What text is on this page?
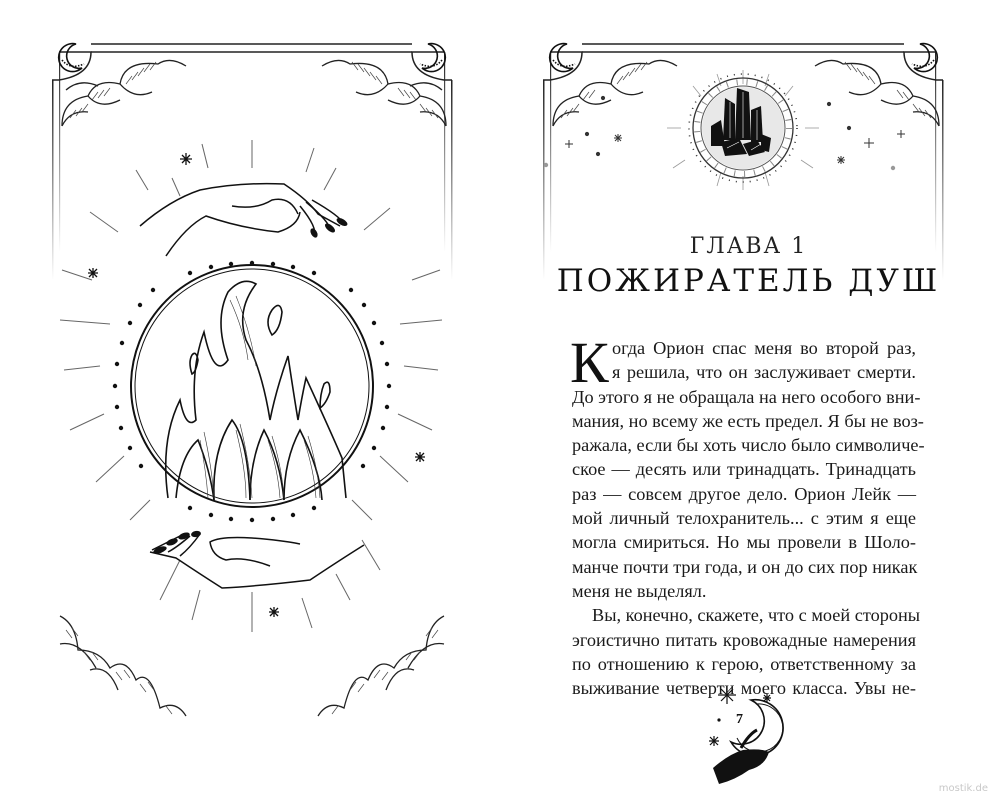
ГЛАВА 1
ПОЖИРАТЕЛЬ ДУШ
К огда Орион спас меня во второй раз,
я решила, что он заслуживает смерти.
До этого я не обращала на него особого вни-
мания, но всему же есть предел. Я бы не воз-
ражала, если бы хоть число было символиче-
ское — десять или тринадцать. Тринадцать
раз — совсем другое дело. Орион Лейк —
мой личный телохранитель... с этим я еще
могла смириться. Но мы провели в Шоло-
манче почти три года, и он до сих пор никак
меня не выделял.
Вы, конечно, скажете, что с моей стороны
эгоистично питать кровожадные намерения
по отношению к герою, ответственному за
выживание четверти моего класса. Увы не-
7
mostik.de
